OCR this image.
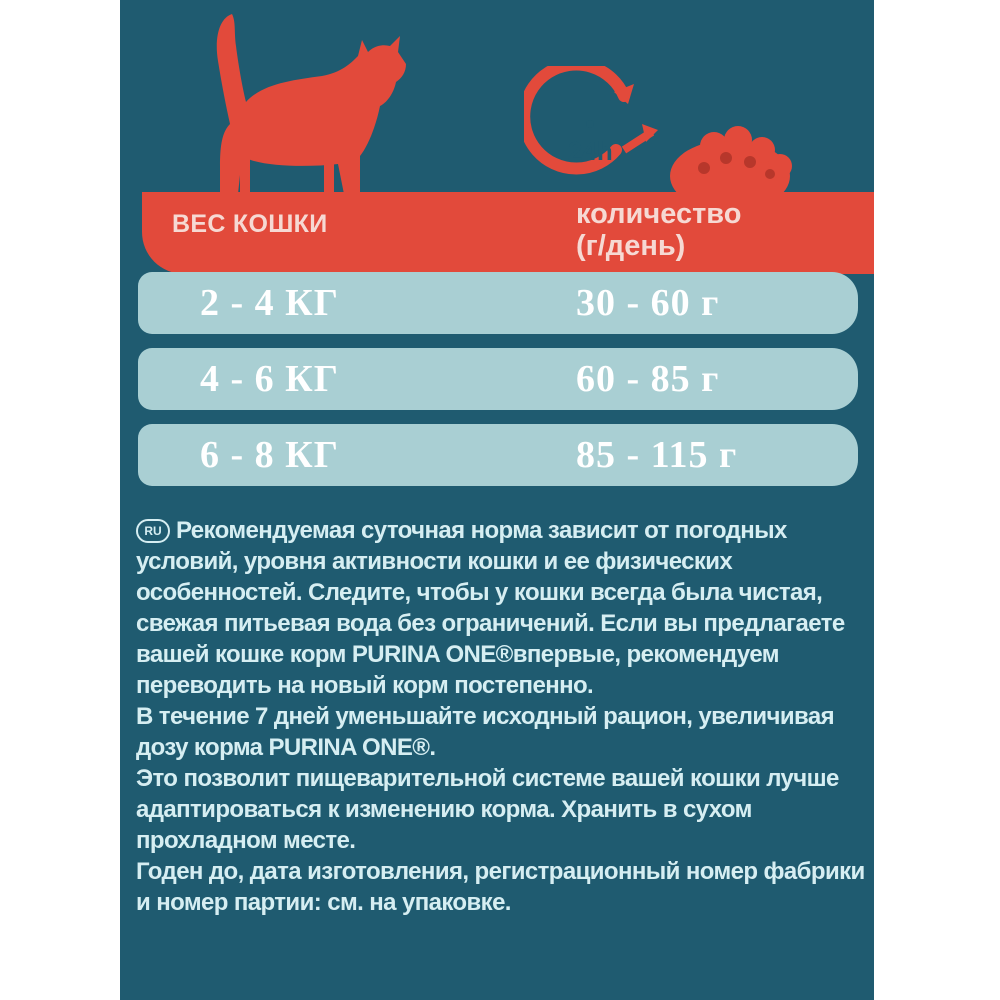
24h
ВЕС КОШКИ	количество
(г/день)
2 - 4 КГ	30 - 60 г
4 - 6 КГ	60 - 85 г
6 - 8 КГ	85 - 115 г

RU Рекомендуемая суточная норма зависит от погодных условий, уровня активности кошки и ее физических особенностей. Следите, чтобы у кошки всегда была чистая, свежая питьевая вода без ограничений. Если вы предлагаете вашей кошке корм PURINA ONE®впервые, рекомендуем переводить на новый корм постепенно.

В течение 7 дней уменьшайте исходный рацион, увеличивая дозу корма PURINA ONE®.

Это позволит пищеварительной системе вашей кошки лучше адаптироваться к изменению корма. Хранить в сухом прохладном месте.

Годен до, дата изготовления, регистрационный номер фабрики и номер партии: см. на упаковке.
